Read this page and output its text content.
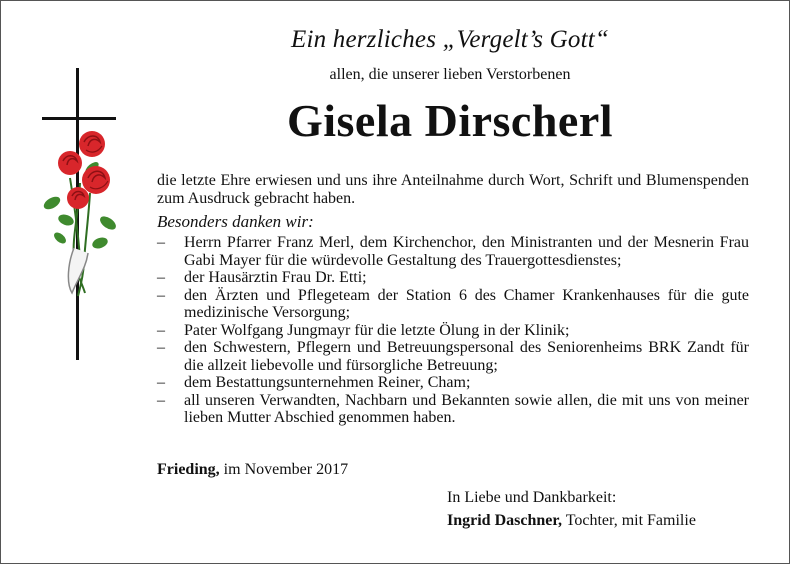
Ein herzliches „Vergelt’s Gott“
allen, die unserer lieben Verstorbenen
Gisela Dirscherl
die letzte Ehre erwiesen und uns ihre Anteilnahme durch Wort, Schrift und Blumenspenden zum Ausdruck gebracht haben.
Besonders danken wir:
– Herrn Pfarrer Franz Merl, dem Kirchenchor, den Ministranten und der Mesnerin Frau Gabi Mayer für die würdevolle Gestaltung des Trauergottesdienstes;
– der Hausärztin Frau Dr. Etti;
– den Ärzten und Pflegeteam der Station 6 des Chamer Krankenhauses für die gute medizinische Versorgung;
– Pater Wolfgang Jungmayr für die letzte Ölung in der Klinik;
– den Schwestern, Pflegern und Betreuungspersonal des Seniorenheims BRK Zandt für die allzeit liebevolle und fürsorgliche Betreuung;
– dem Bestattungsunternehmen Reiner, Cham;
– all unseren Verwandten, Nachbarn und Bekannten sowie allen, die mit uns von meiner lieben Mutter Abschied genommen haben.
Frieding, im November 2017
In Liebe und Dankbarkeit:
Ingrid Daschner, Tochter, mit Familie
